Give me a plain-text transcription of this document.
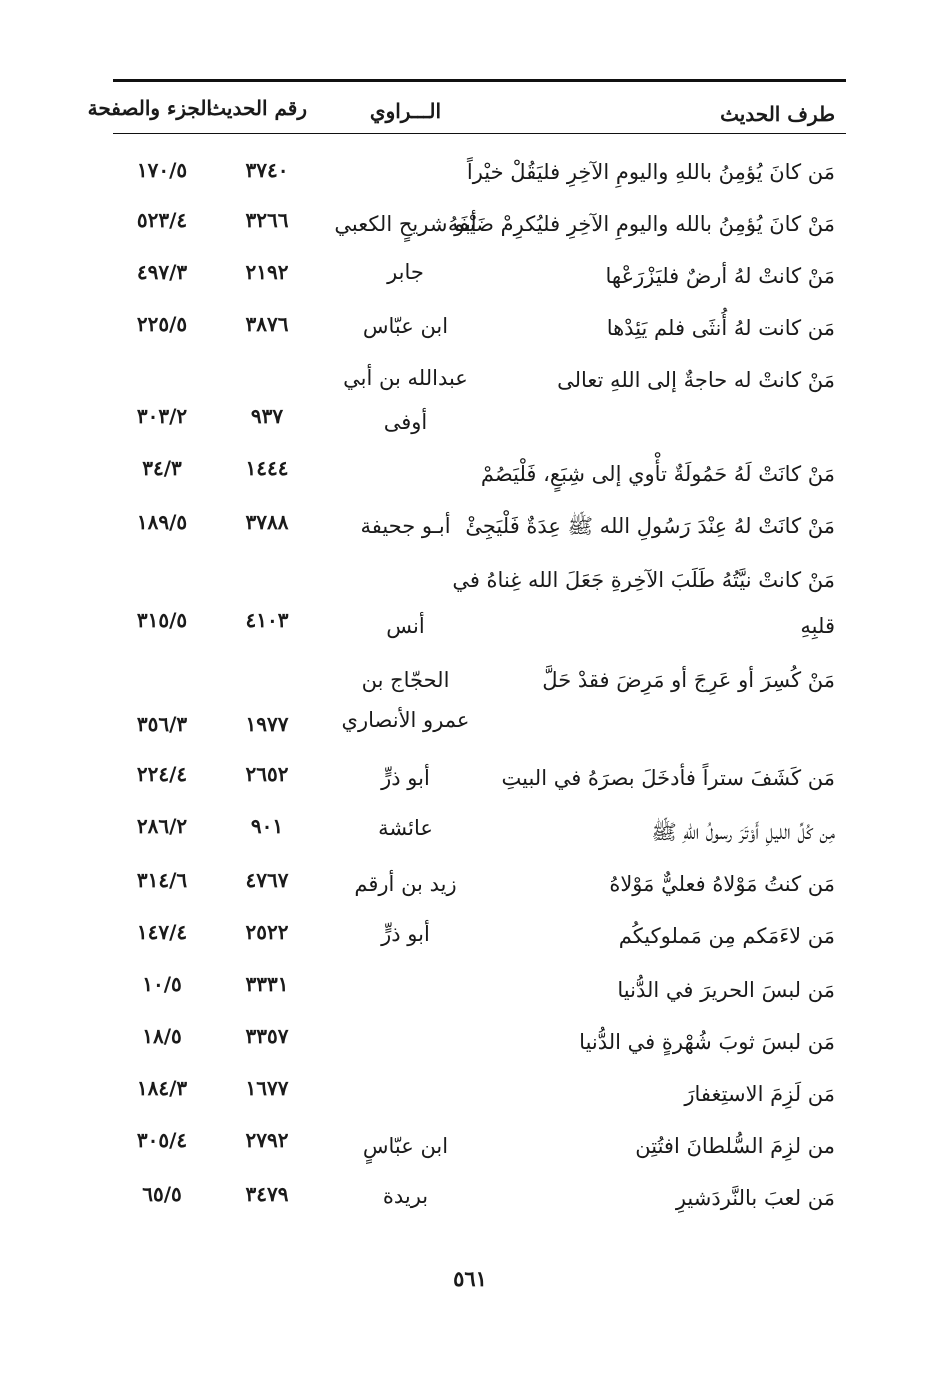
طرف الحديث
الـــراوي
رقم الحديث
الجزء والصفحة
مَن كانَ يُؤمِنُ باللهِ واليومِ الآخِرِ فليَقُلْ خيْراً
٣٧٤٠
١٧٠/٥
مَنْ كانَ يُؤمِنُ بالله واليومِ الآخِرِ فليُكرِمْ ضَيْفَهُ
أبو شريحٍ الكعبي
٣٢٦٦
٥٢٣/٤
مَنْ كانتْ لهُ أرضٌ فليَزْرَعْها
جابر
٢١٩٢
٤٩٧/٣
مَن كانت لهُ أُنثَى فلم يَئِدْها
ابن عبّاس
٣٨٧٦
٢٢٥/٥
مَنْ كانتْ له حاجةٌ إلى اللهِ تعالى
عبدالله بن أبي
أوفى
٩٣٧
٣٠٣/٢
مَنْ كانَتْ لَهُ حَمُولَةٌ تأْوي إلى شِبَعٍ، فَلْيَصُمْ
١٤٤٤
٣٤/٣
مَنْ كانَتْ لهُ عِنْدَ رَسُولِ الله ﷺ عِدَةٌ فَلْيَجِئْ
أبـو جحيفة
٣٧٨٨
١٨٩/٥
مَنْ كانتْ نيَّتُهُ طَلَبَ الآخِرةِ جَعَلَ الله غِناهُ في
قلبِهِ
أنس
٤١٠٣
٣١٥/٥
مَنْ كُسِرَ أو عَرِجَ أو مَرِضَ فقدْ حَلَّ
الحجّاج بن
عمرو الأنصاري
١٩٧٧
٣٥٦/٣
مَن كَشَفَ ستراً فأدخَلَ بصرَهُ في البيتِ
أبو ذرٍّ
٢٦٥٢
٢٢٤/٤
مِن كُلِّ الليلِ أَوْتَرَ رسولُ اللهِ ﷺ
عائشة
٩٠١
٢٨٦/٢
مَن كنتُ مَوْلاهُ فعليٌّ مَوْلاهُ
زيد بن أرقم
٤٧٦٧
٣١٤/٦
مَن لاءَمَكم مِن مَملوكيكُم
أبو ذرٍّ
٢٥٢٢
١٤٧/٤
مَن لبسَ الحريرَ في الدُّنيا
٣٣٣١
١٠/٥
مَن لبسَ ثوبَ شُهْرةٍ في الدُّنيا
٣٣٥٧
١٨/٥
مَن لَزِمَ الاستِغفارَ
١٦٧٧
١٨٤/٣
من لزِمَ السُّلطانَ افتُتِن
ابن عبّاسٍ
٢٧٩٢
٣٠٥/٤
مَن لعبَ بالنَّردَشيرِ
بريدة
٣٤٧٩
٦٥/٥
٥٦١
